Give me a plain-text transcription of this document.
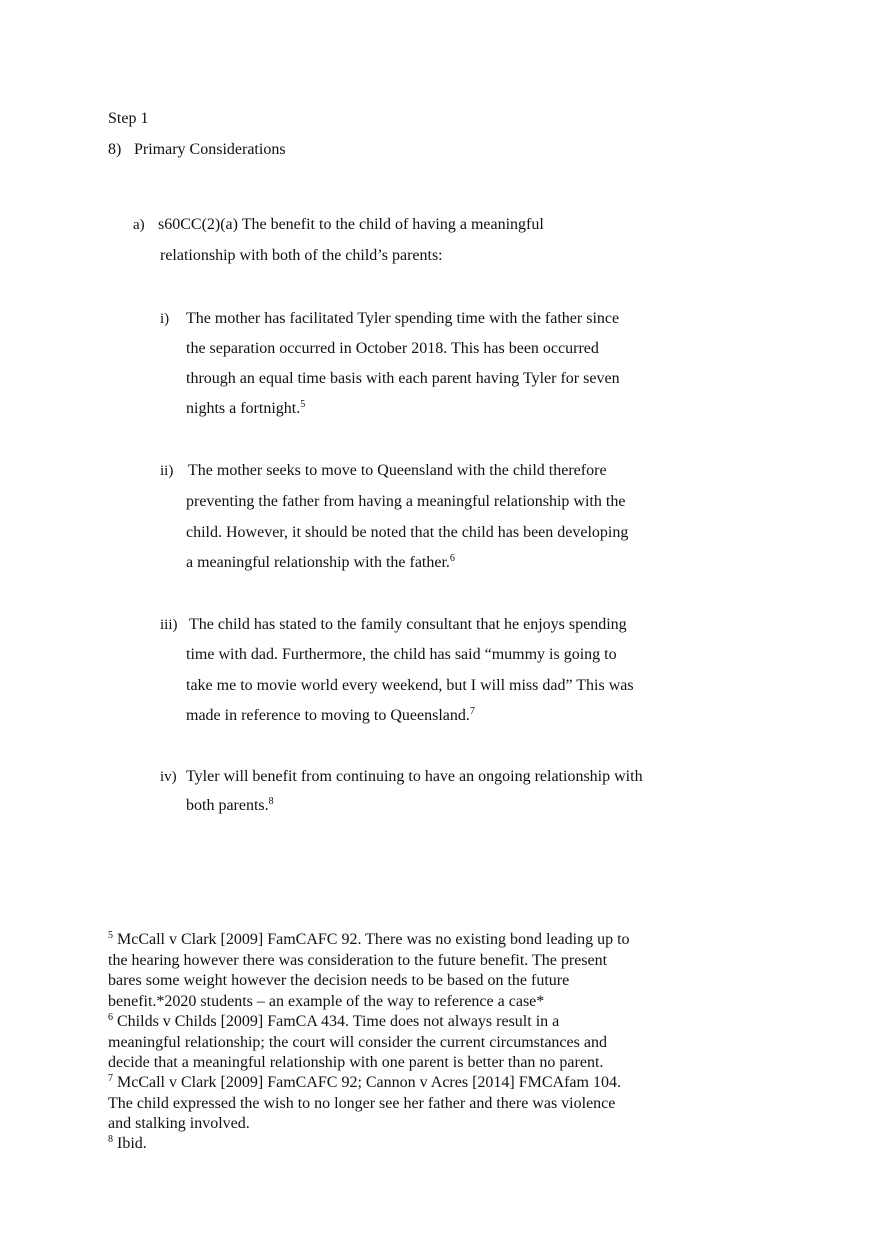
Step 1
8) Primary Considerations
a) s60CC(2)(a) The benefit to the child of having a meaningful
relationship with both of the child’s parents:
i) The mother has facilitated Tyler spending time with the father since
the separation occurred in October 2018. This has been occurred
through an equal time basis with each parent having Tyler for seven
nights a fortnight.$^5$
ii) The mother seeks to move to Queensland with the child therefore
preventing the father from having a meaningful relationship with the
child. However, it should be noted that the child has been developing
a meaningful relationship with the father.$^6$
iii) The child has stated to the family consultant that he enjoys spending
time with dad. Furthermore, the child has said “mummy is going to
take me to movie world every weekend, but I will miss dad” This was
made in reference to moving to Queensland.$^7$
iv) Tyler will benefit from continuing to have an ongoing relationship with
both parents.$^8$
$^5$ McCall v Clark [2009] FamCAFC 92. There was no existing bond leading up to
the hearing however there was consideration to the future benefit. The present
bares some weight however the decision needs to be based on the future
benefit.*2020 students – an example of the way to reference a case*
$^6$ Childs v Childs [2009] FamCA 434. Time does not always result in a
meaningful relationship; the court will consider the current circumstances and
decide that a meaningful relationship with one parent is better than no parent.
$^7$ McCall v Clark [2009] FamCAFC 92; Cannon v Acres [2014] FMCAfam 104.
The child expressed the wish to no longer see her father and there was violence
and stalking involved.
$^8$ Ibid.
